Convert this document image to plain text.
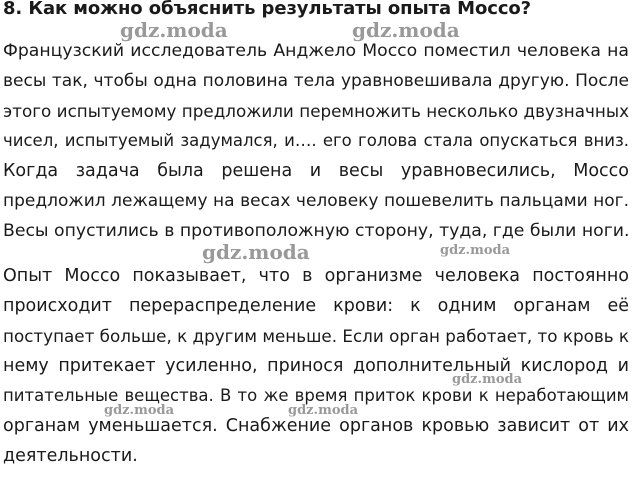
8. Как можно объяснить результаты опыта Моссо?
Французский исследователь Анджело Моссо поместил человека на
весы так, чтобы одна половина тела уравновешивала другую. После
этого испытуемому предложили перемножить несколько двузначных
чисел, испытуемый задумался, и…. его голова стала опускаться вниз.
Когда задача была решена и весы уравновесились, Моссо
предложил лежащему на весах человеку пошевелить пальцами ног.
Весы опустились в противоположную сторону, туда, где были ноги.
Опыт Моссо показывает, что в организме человека постоянно
происходит перераспределение крови: к одним органам её
поступает больше, к другим меньше. Если орган работает, то кровь к
нему притекает усиленно, принося дополнительный кислород и
питательные вещества. В то же время приток крови к неработающим
органам уменьшается. Снабжение органов кровью зависит от их
деятельности.
gdz.moda	gdz.moda
gdz.moda	gdz.moda
gdz.moda
gdz.moda	gdz.moda
